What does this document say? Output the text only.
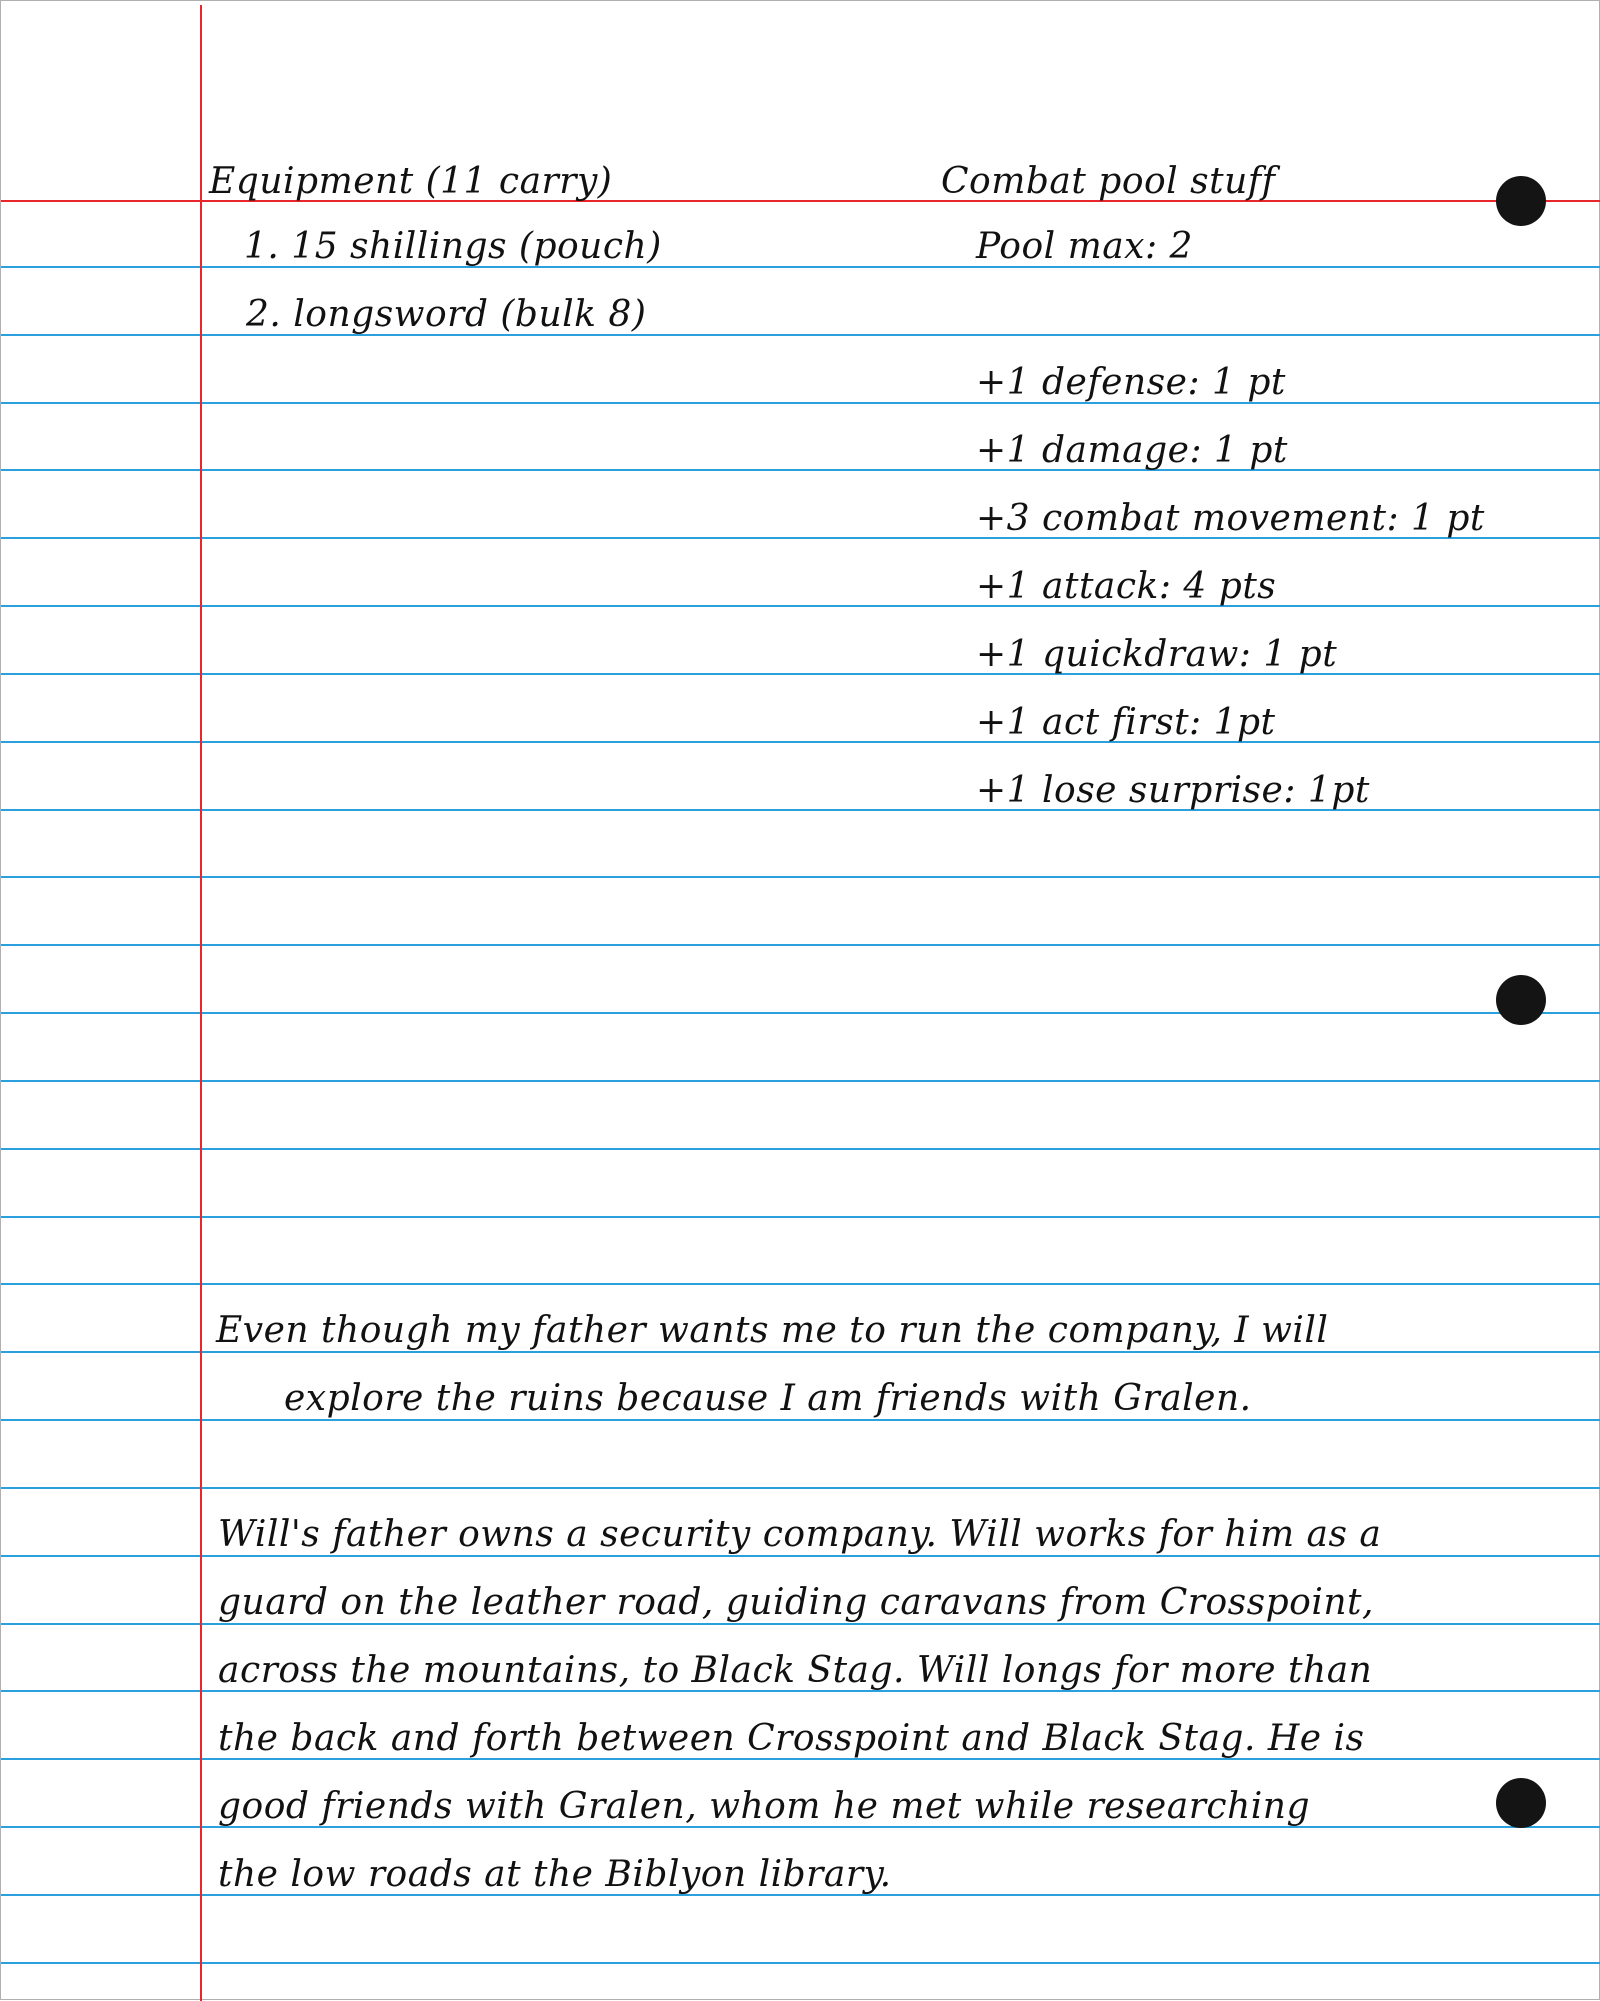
Equipment (11 carry)
1. 15 shillings (pouch)
2. longsword (bulk 8)
Combat pool stuff
Pool max: 2
+1 defense: 1 pt
+1 damage: 1 pt
+3 combat movement: 1 pt
+1 attack: 4 pts
+1 quickdraw: 1 pt
+1 act first: 1pt
+1 lose surprise: 1pt
Even though my father wants me to run the company, I will
explore the ruins because I am friends with Gralen.
Will's father owns a security company. Will works for him as a
guard on the leather road, guiding caravans from Crosspoint,
across the mountains, to Black Stag. Will longs for more than
the back and forth between Crosspoint and Black Stag. He is
good friends with Gralen, whom he met while researching
the low roads at the Biblyon library.
